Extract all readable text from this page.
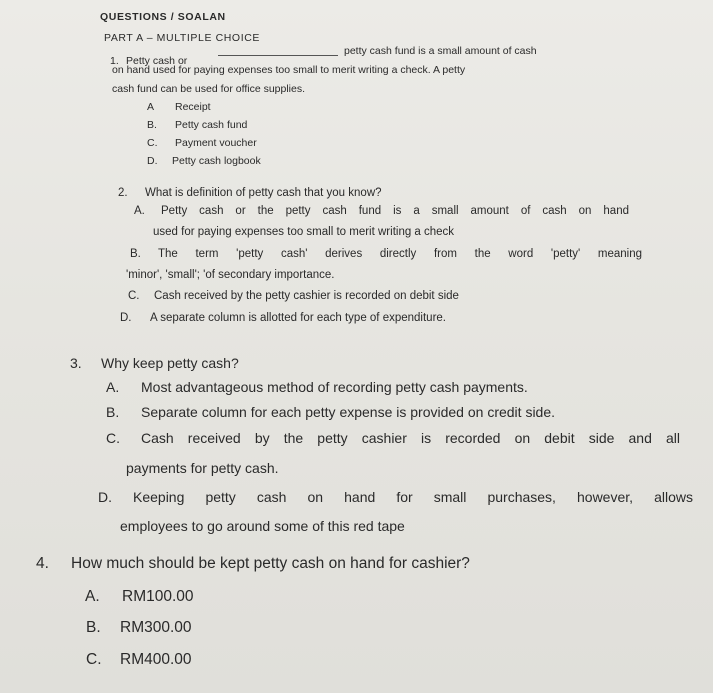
QUESTIONS / SOALAN
PART A – MULTIPLE CHOICE
1. Petty cash or
petty cash fund is a small amount of cash
on hand used for paying expenses too small to merit writing a check. A petty
cash fund can be used for office supplies.
A Receipt
B. Petty cash fund
C. Payment voucher
D. Petty cash logbook
2. What is definition of petty cash that you know?
A. Petty cash or the petty cash fund is a small amount of cash on hand
used for paying expenses too small to merit writing a check
B. The term 'petty cash' derives directly from the word 'petty' meaning
'minor', 'small'; 'of secondary importance.
C. Cash received by the petty cashier is recorded on debit side
D. A separate column is allotted for each type of expenditure.
3. Why keep petty cash?
A. Most advantageous method of recording petty cash payments.
B. Separate column for each petty expense is provided on credit side.
C. Cash received by the petty cashier is recorded on debit side and all
payments for petty cash.
D. Keeping petty cash on hand for small purchases, however, allows
employees to go around some of this red tape
4. How much should be kept petty cash on hand for cashier?
A. RM100.00
B. RM300.00
C. RM400.00
